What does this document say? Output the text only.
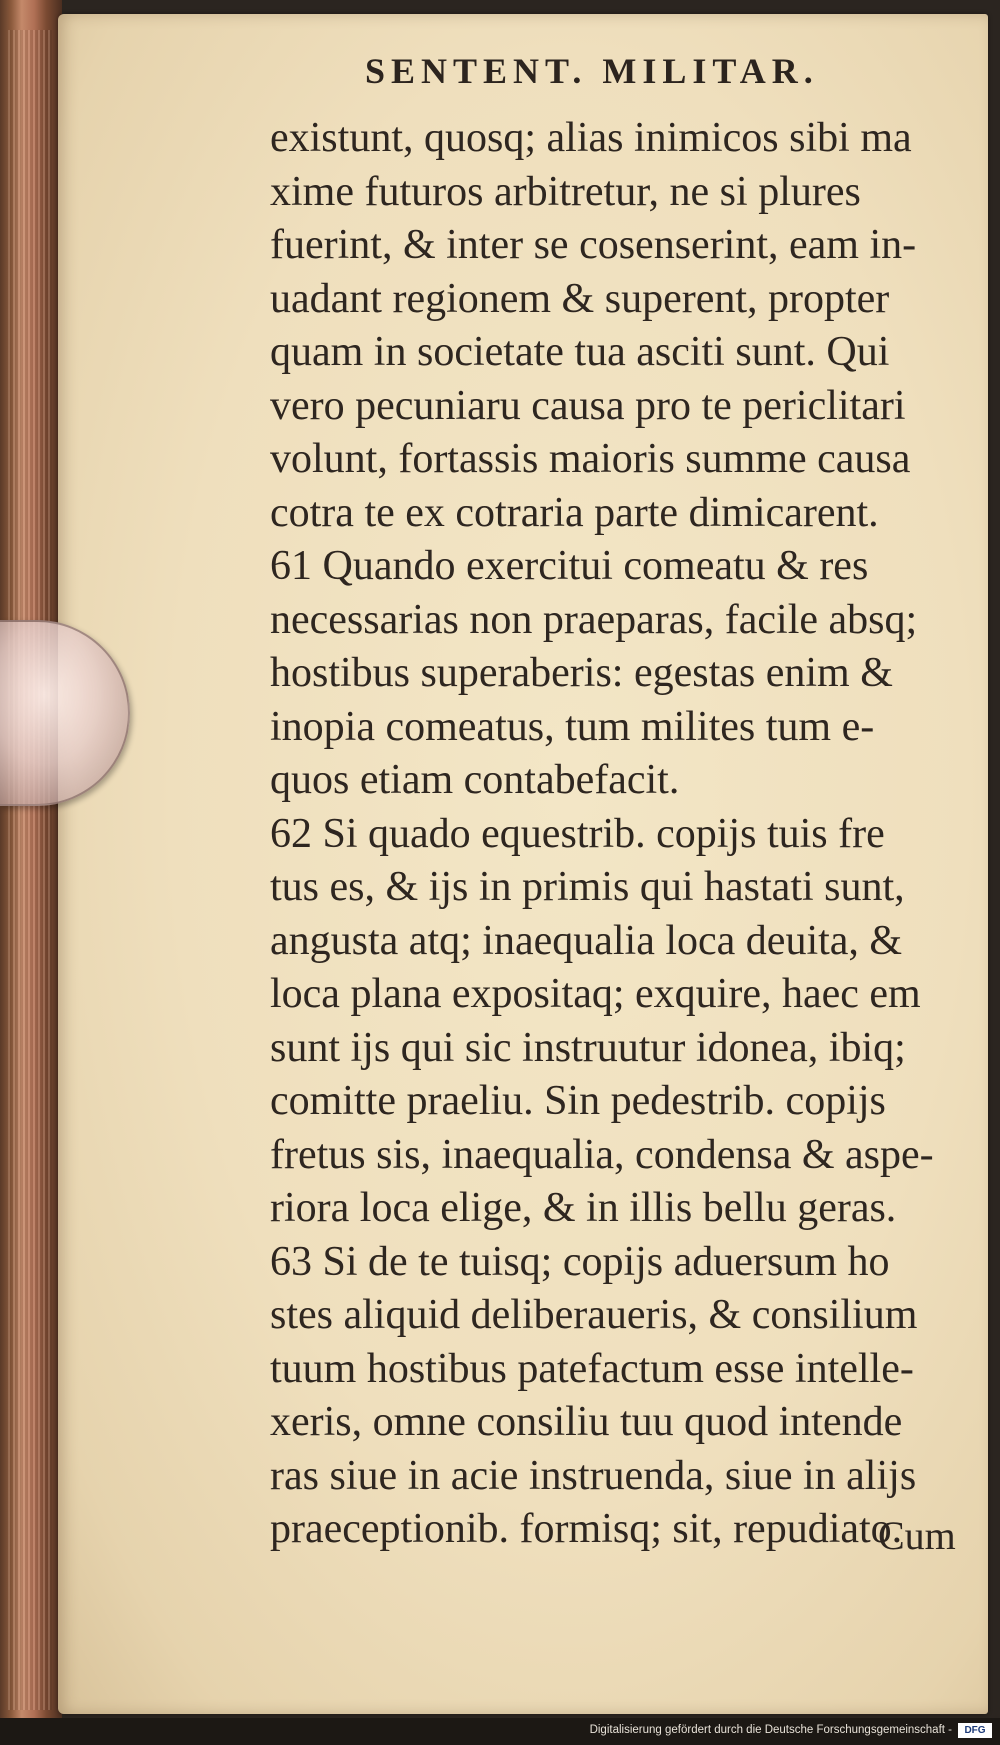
SENTENT. MILITAR.
existunt, quosq; alias inimicos sibi ma
xime futuros arbitretur, ne si plures
fuerint, & inter se cosenserint, eam in-
uadant regionem & superent, propter
quam in societate tua asciti sunt. Qui
vero pecuniaru causa pro te periclitari
volunt, fortassis maioris summe causa
cotra te ex cotraria parte dimicarent.
61 Quando exercitui comeatu & res
necessarias non praeparas, facile absq;
hostibus superaberis: egestas enim &
inopia comeatus, tum milites tum e-
quos etiam contabefacit.
62 Si quado equestrib. copijs tuis fre
tus es, & ijs in primis qui hastati sunt,
angusta atq; inaequalia loca deuita, &
loca plana expositaq; exquire, haec em
sunt ijs qui sic instruutur idonea, ibiq;
comitte praeliu. Sin pedestrib. copijs
fretus sis, inaequalia, condensa & aspe-
riora loca elige, & in illis bellu geras.
63 Si de te tuisq; copijs aduersum ho
stes aliquid deliberaueris, & consilium
tuum hostibus patefactum esse intelle-
xeris, omne consiliu tuu quod intende
ras siue in acie instruenda, siue in alijs
praeceptionib. formisq; sit, repudiato.
Cum
Digitalisierung gefördert durch die Deutsche Forschungsgemeinschaft -	DFG
